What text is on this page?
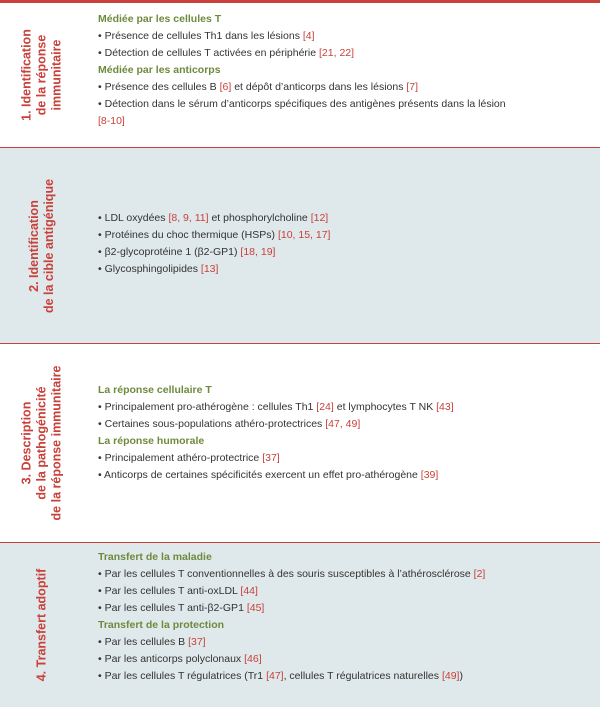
1. Identification de la réponse immunitaire
Médiée par les cellules T
• Présence de cellules Th1 dans les lésions [4]
• Détection de cellules T activées en périphérie [21, 22]
Médiée par les anticorps
• Présence des cellules B [6] et dépôt d’anticorps dans les lésions [7]
• Détection dans le sérum d’anticorps spécifiques des antigènes présents dans la lésion
[8-10]
2. Identification de la cible antigénique	• LDL oxydées [8, 9, 11] et phosphorylcholine [12]
• Protéines du choc thermique (HSPs) [10, 15, 17]
• β2-glycoprotéine 1 (β2-GP1) [18, 19]
• Glycosphingolipides [13]
3. Description de la pathogénicité de la réponse immunitaire	La réponse cellulaire T
• Principalement pro-athérogène : cellules Th1 [24] et lymphocytes T NK [43]
• Certaines sous-populations athéro-protectrices [47, 49]
La réponse humorale
• Principalement athéro-protectrice [37]
• Anticorps de certaines spécificités exercent un effet pro-athérogène [39]
4. Transfert adoptif
Transfert de la maladie
• Par les cellules T conventionnelles à des souris susceptibles à l’athérosclérose [2]
• Par les cellules T anti-oxLDL [44]
• Par les cellules T anti-β2-GP1 [45]
Transfert de la protection
• Par les cellules B [37]
• Par les anticorps polyclonaux [46]
• Par les cellules T régulatrices (Tr1 [47], cellules T régulatrices naturelles [49])
